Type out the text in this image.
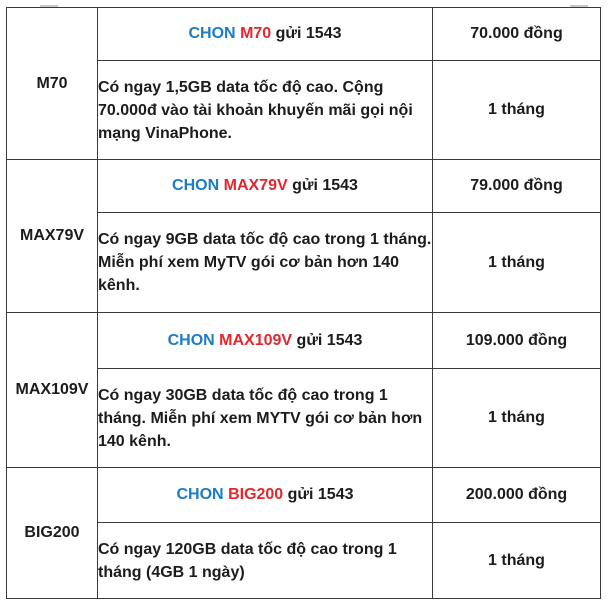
M70	CHON M70 gửi 1543	70.000 đồng
	Có ngay 1,5GB data tốc độ cao. Cộng 70.000đ vào tài khoản khuyến mãi gọi nội mạng VinaPhone.	1 tháng
MAX79V	CHON MAX79V gửi 1543	79.000 đồng
	Có ngay 9GB data tốc độ cao trong 1 tháng. Miễn phí xem MyTV gói cơ bản hơn 140 kênh.	1 tháng
MAX109V	CHON MAX109V gửi 1543	109.000 đồng
	Có ngay 30GB data tốc độ cao trong 1 tháng. Miễn phí xem MYTV gói cơ bản hơn 140 kênh.	1 tháng
BIG200	CHON BIG200 gửi 1543	200.000 đồng
	Có ngay 120GB data tốc độ cao trong 1 tháng (4GB 1 ngày)	1 tháng
